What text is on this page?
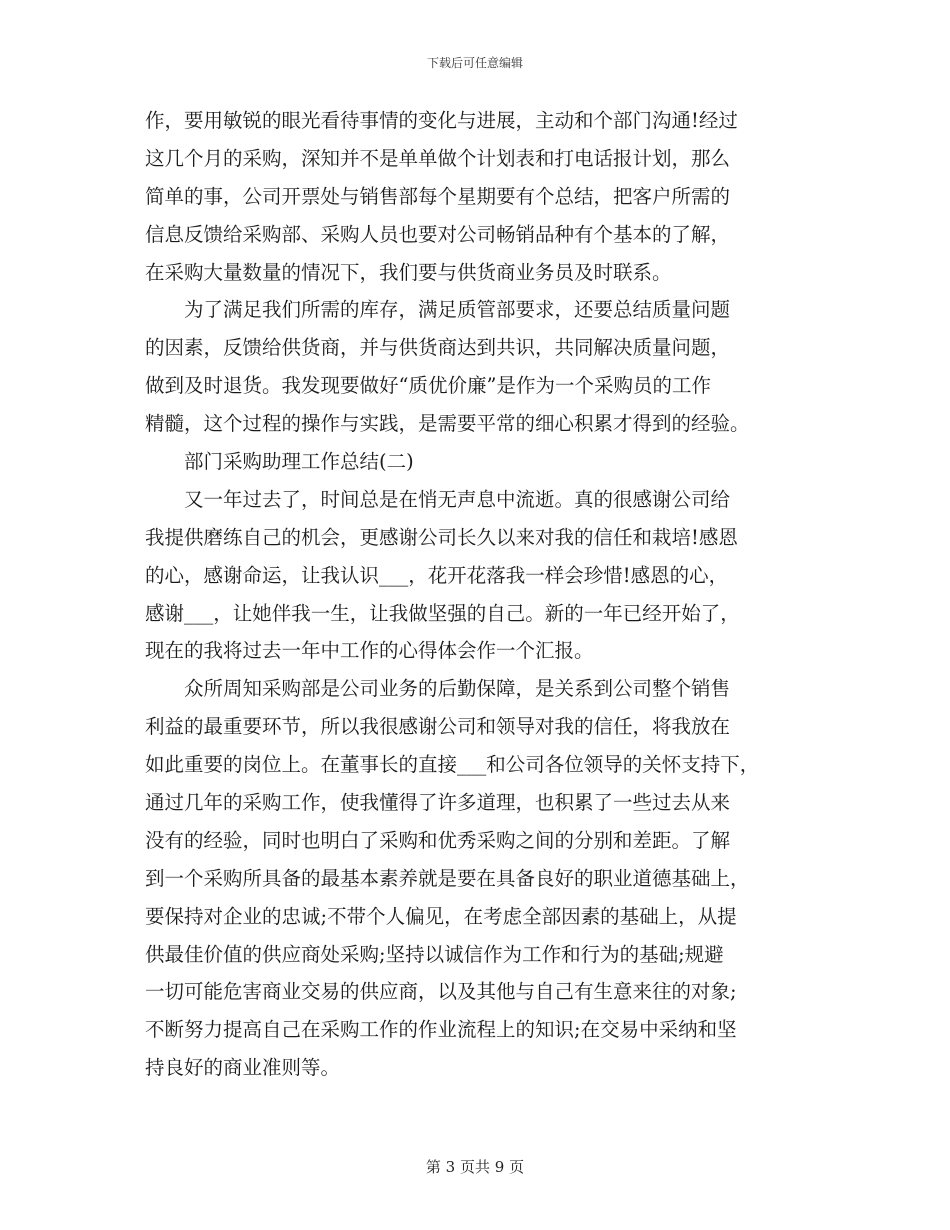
下载后可任意编辑
作，要用敏锐的眼光看待事情的变化与进展，主动和个部门沟通!经过
这几个月的采购，深知并不是单单做个计划表和打电话报计划，那么
简单的事，公司开票处与销售部每个星期要有个总结，把客户所需的
信息反馈给采购部、采购人员也要对公司畅销品种有个基本的了解，
在采购大量数量的情况下，我们要与供货商业务员及时联系。
为了满足我们所需的库存，满足质管部要求，还要总结质量问题
的因素，反馈给供货商，并与供货商达到共识，共同解决质量问题，
做到及时退货。我发现要做好“质优价廉”是作为一个采购员的工作
精髓，这个过程的操作与实践，是需要平常的细心积累才得到的经验。
部门采购助理工作总结(二)
又一年过去了，时间总是在悄无声息中流逝。真的很感谢公司给
我提供磨练自己的机会，更感谢公司长久以来对我的信任和栽培!感恩
的心，感谢命运，让我认识___，花开花落我一样会珍惜!感恩的心，
感谢___，让她伴我一生，让我做坚强的自己。新的一年已经开始了，
现在的我将过去一年中工作的心得体会作一个汇报。
众所周知采购部是公司业务的后勤保障，是关系到公司整个销售
利益的最重要环节，所以我很感谢公司和领导对我的信任，将我放在
如此重要的岗位上。在董事长的直接___和公司各位领导的关怀支持下，
通过几年的采购工作，使我懂得了许多道理，也积累了一些过去从来
没有的经验，同时也明白了采购和优秀采购之间的分别和差距。了解
到一个采购所具备的最基本素养就是要在具备良好的职业道德基础上，
要保持对企业的忠诚;不带个人偏见，在考虑全部因素的基础上，从提
供最佳价值的供应商处采购;坚持以诚信作为工作和行为的基础;规避
一切可能危害商业交易的供应商，以及其他与自己有生意来往的对象;
不断努力提高自己在采购工作的作业流程上的知识;在交易中采纳和坚
持良好的商业准则等。
第 3 页共 9 页
